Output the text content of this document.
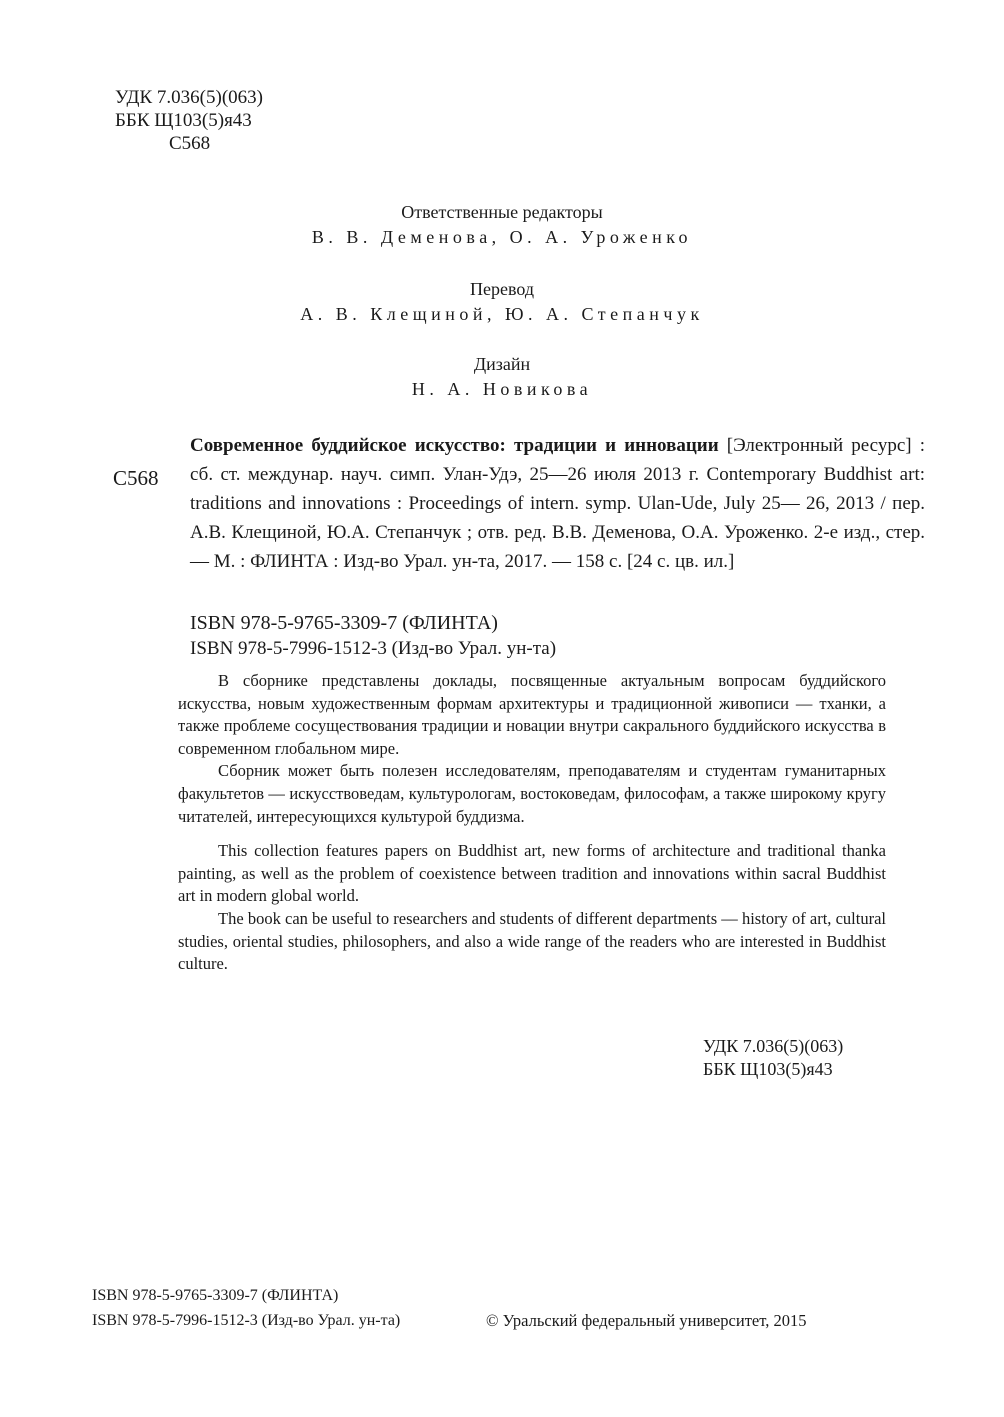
УДК 7.036(5)(063)
ББК Щ103(5)я43
С568
Ответственные редакторы
В. В. Деменова, О. А. Уроженко
Перевод
А. В. Клещиной, Ю. А. Степанчук
Дизайн
Н. А. Новикова
С568
Современное буддийское искусство: традиции и инновации [Электронный ресурс] : сб. ст. междунар. науч. симп. Улан-Удэ, 25—26 июля 2013 г. Contemporary Buddhist art: traditions and innovations : Proceedings of intern. symp. Ulan-Ude, July 25— 26, 2013 / пер. А.В. Клещиной, Ю.А. Степанчук ; отв. ред. В.В. Деменова, О.А. Уроженко. 2-е изд., стер. — М. : ФЛИНТА : Изд-во Урал. ун-та, 2017. — 158 с. [24 с. цв. ил.]
ISBN 978-5-9765-3309-7 (ФЛИНТА)
ISBN 978-5-7996-1512-3 (Изд-во Урал. ун-та)

В сборнике представлены доклады, посвященные актуальным вопросам буддийского искусства, новым художественным формам архитектуры и традиционной живописи — тханки, а также проблеме сосуществования традиции и новации внутри сакрального буддийского искусства в современном глобальном мире.

Сборник может быть полезен исследователям, преподавателям и студентам гуманитарных факультетов — искусствоведам, культурологам, востоковедам, философам, а также широкому кругу читателей, интересующихся культурой буддизма.

This collection features papers on Buddhist art, new forms of architecture and traditional thanka painting, as well as the problem of coexistence between tradition and innovations within sacral Buddhist art in modern global world.

The book can be useful to researchers and students of different departments — history of art, cultural studies, oriental studies, philosophers, and also a wide range of the readers who are interested in Buddhist culture.

УДК 7.036(5)(063)
ББК Щ103(5)я43
ISBN 978-5-9765-3309-7 (ФЛИНТА)
ISBN 978-5-7996-1512-3 (Изд-во Урал. ун-та)	© Уральский федеральный университет, 2015
